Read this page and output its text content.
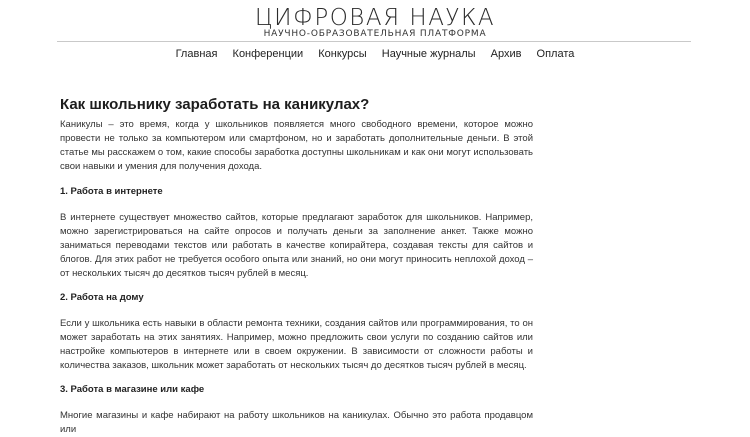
ЦИФРОВАЯ НАУКА
НАУЧНО-ОБРАЗОВАТЕЛЬНАЯ ПЛАТФОРМА
Главная Конференции Конкурсы Научные журналы Архив Оплата
Как школьнику заработать на каникулах?

Каникулы – это время, когда у школьников появляется много свободного времени, которое можно провести не только за компьютером или смартфоном, но и заработать дополнительные деньги. В этой статье мы расскажем о том, какие способы заработка доступны школьникам и как они могут использовать свои навыки и умения для получения дохода.

1. Работа в интернете

В интернете существует множество сайтов, которые предлагают заработок для школьников. Например, можно зарегистрироваться на сайте опросов и получать деньги за заполнение анкет. Также можно заниматься переводами текстов или работать в качестве копирайтера, создавая тексты для сайтов и блогов. Для этих работ не требуется особого опыта или знаний, но они могут приносить неплохой доход – от нескольких тысяч до десятков тысяч рублей в месяц.

2. Работа на дому

Если у школьника есть навыки в области ремонта техники, создания сайтов или программирования, то он может заработать на этих занятиях. Например, можно предложить свои услуги по созданию сайтов или настройке компьютеров в интернете или в своем окружении. В зависимости от сложности работы и количества заказов, школьник может заработать от нескольких тысяч до десятков тысяч рублей в месяц.

3. Работа в магазине или кафе

Многие магазины и кафе набирают на работу школьников на каникулах. Обычно это работа продавцом или
